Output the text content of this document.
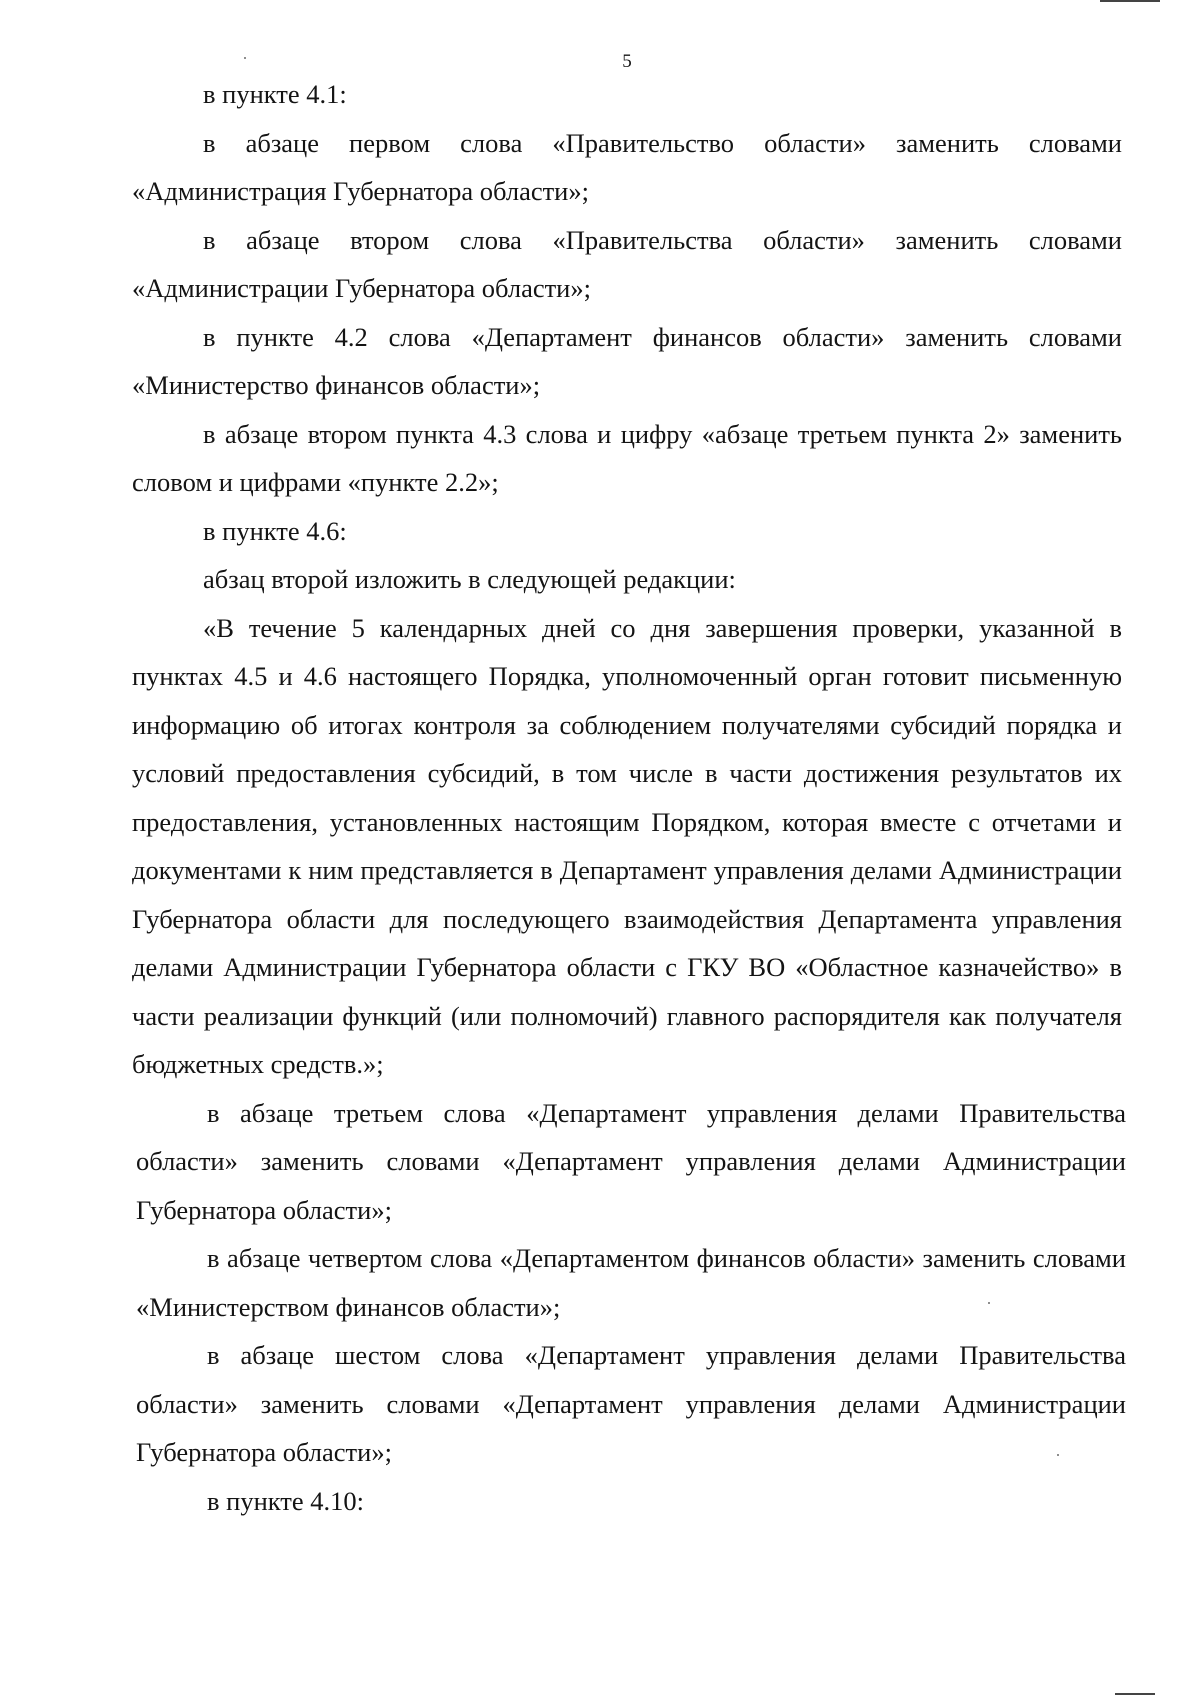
5

в пункте 4.1:

в абзаце первом слова «Правительство области» заменить словами «Администрация Губернатора области»;

в абзаце втором слова «Правительства области» заменить словами «Администрации Губернатора области»;

в пункте 4.2 слова «Департамент финансов области» заменить словами «Министерство финансов области»;

в абзаце втором пункта 4.3 слова и цифру «абзаце третьем пункта 2» заменить словом и цифрами «пункте 2.2»;

в пункте 4.6:

абзац второй изложить в следующей редакции:

«В течение 5 календарных дней со дня завершения проверки, указанной в пунктах 4.5 и 4.6 настоящего Порядка, уполномоченный орган готовит письменную информацию об итогах контроля за соблюдением получателями субсидий порядка и условий предоставления субсидий, в том числе в части достижения результатов их предоставления, установленных настоящим Порядком, которая вместе с отчетами и документами к ним представляется в Департамент управления делами Администрации Губернатора области для последующего взаимодействия Департамента управления делами Администрации Губернатора области с ГКУ ВО «Областное казначейство» в части реализации функций (или полномочий) главного распорядителя как получателя бюджетных средств.»;

в абзаце третьем слова «Департамент управления делами Правительства области» заменить словами «Департамент управления делами Администрации Губернатора области»;

в абзаце четвертом слова «Департаментом финансов области» заменить словами «Министерством финансов области»;

в абзаце шестом слова «Департамент управления делами Правительства области» заменить словами «Департамент управления делами Администрации Губернатора области»;

в пункте 4.10:
